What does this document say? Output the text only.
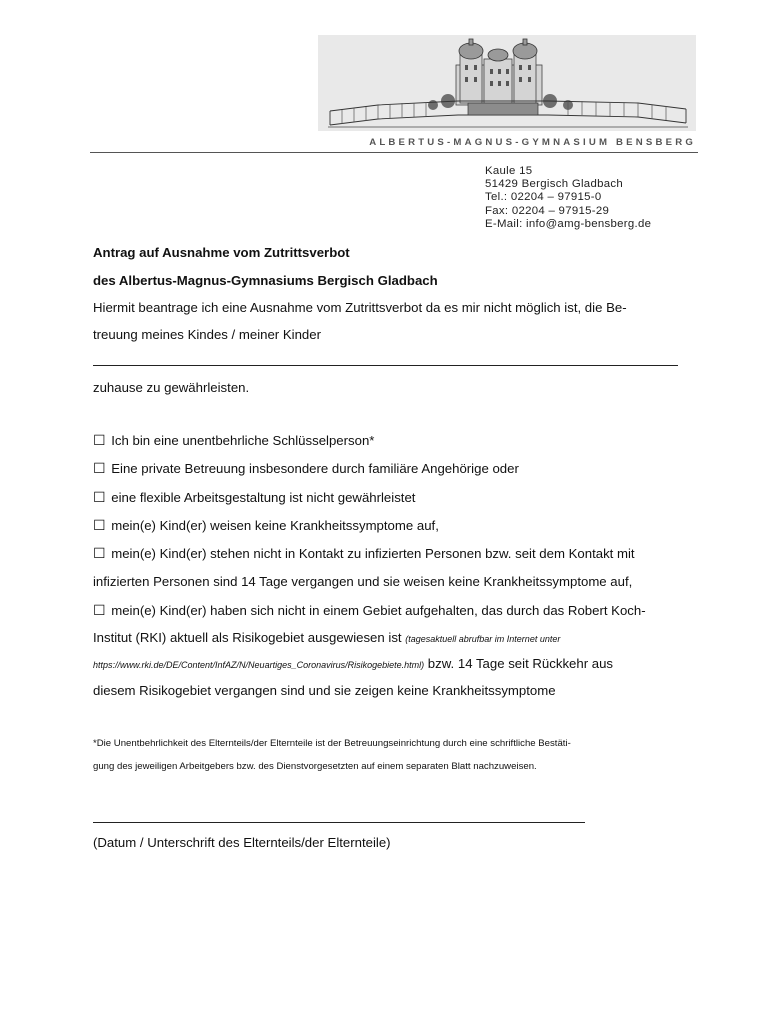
ALBERTUS-MAGNUS-GYMNASIUM BENSBERG
Kaule 15
51429 Bergisch Gladbach
Tel.: 02204 – 97915-0
Fax: 02204 – 97915-29
E-Mail: info@amg-bensberg.de
Antrag auf Ausnahme vom Zutrittsverbot
des Albertus-Magnus-Gymnasiums Bergisch Gladbach
Hiermit beantrage ich eine Ausnahme vom Zutrittsverbot da es mir nicht möglich ist, die Be-
treuung meines Kindes / meiner Kinder
zuhause zu gewährleisten.
☐ Ich bin eine unentbehrliche Schlüsselperson*
☐ Eine private Betreuung insbesondere durch familiäre Angehörige oder
☐ eine flexible Arbeitsgestaltung ist nicht gewährleistet
☐ mein(e) Kind(er) weisen keine Krankheitssymptome auf,
☐ mein(e) Kind(er) stehen nicht in Kontakt zu infizierten Personen bzw. seit dem Kontakt mit
infizierten Personen sind 14 Tage vergangen und sie weisen keine Krankheitssymptome auf,
☐ mein(e) Kind(er) haben sich nicht in einem Gebiet aufgehalten, das durch das Robert Koch-
Institut (RKI) aktuell als Risikogebiet ausgewiesen ist (tagesaktuell abrufbar im Internet unter
https://www.rki.de/DE/Content/InfAZ/N/Neuartiges_Coronavirus/Risikogebiete.html) bzw. 14 Tage seit Rückkehr aus
diesem Risikogebiet vergangen sind und sie zeigen keine Krankheitssymptome
*Die Unentbehrlichkeit des Elternteils/der Elternteile ist der Betreuungseinrichtung durch eine schriftliche Bestäti-
gung des jeweiligen Arbeitgebers bzw. des Dienstvorgesetzten auf einem separaten Blatt nachzuweisen.
(Datum / Unterschrift des Elternteils/der Elternteile)
